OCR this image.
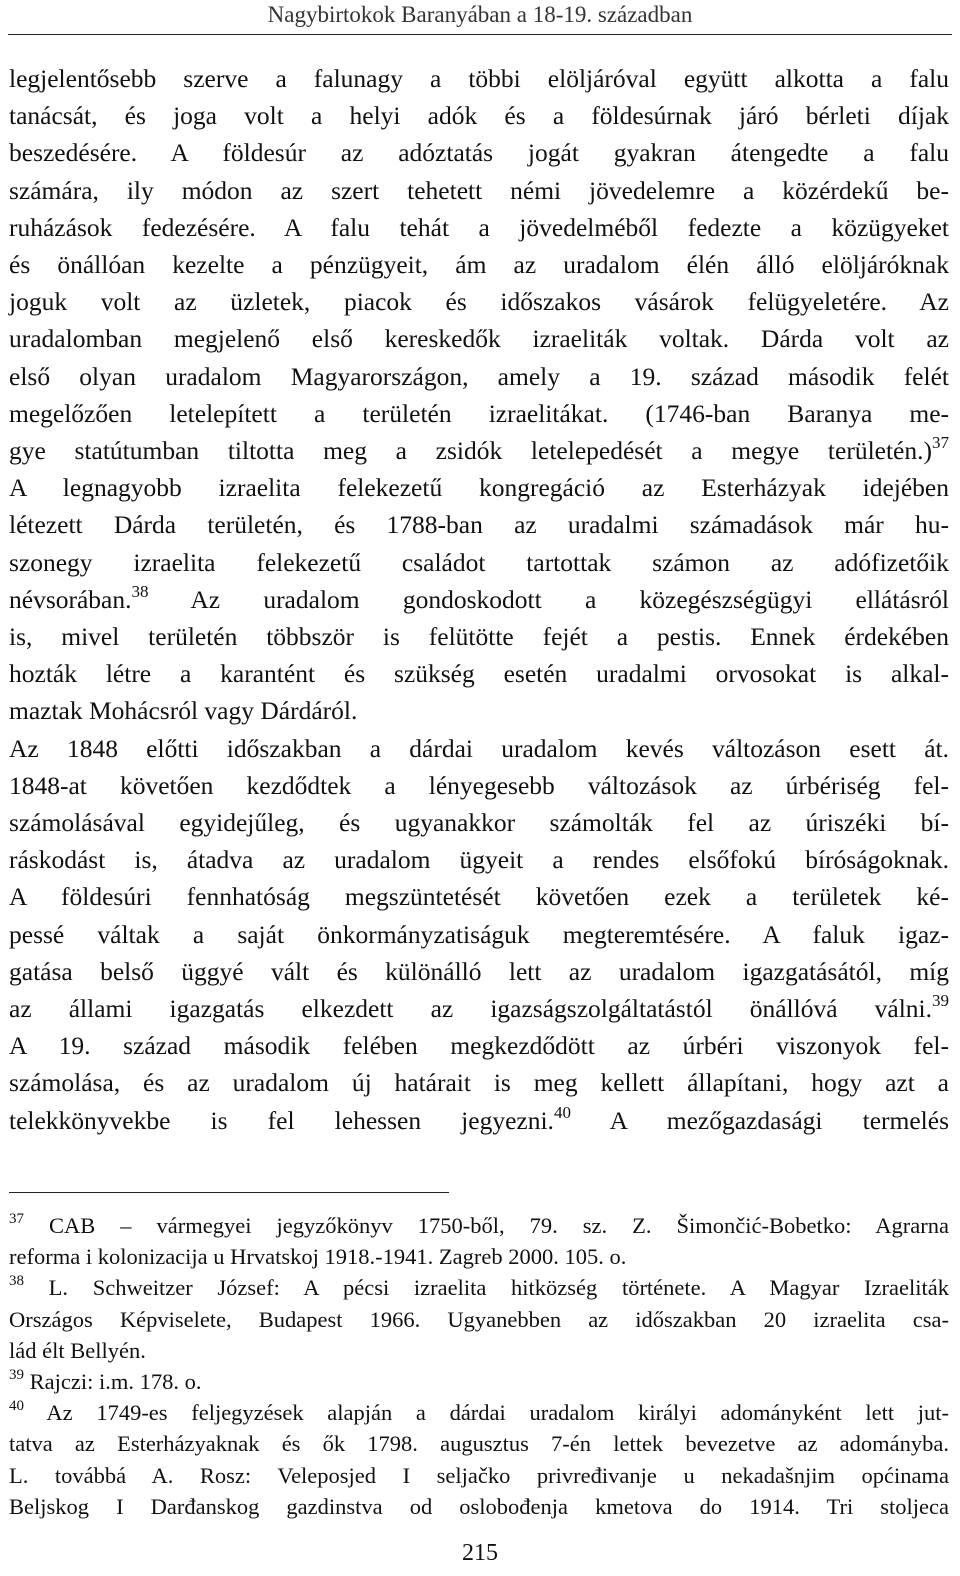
Nagybirtokok Baranyában a 18-19. században
legjelentősebb szerve a falunagy a többi elöljáróval együtt alkotta a falu
tanácsát, és joga volt a helyi adók és a földesúrnak járó bérleti díjak
beszedésére. A földesúr az adóztatás jogát gyakran átengedte a falu
számára, ily módon az szert tehetett némi jövedelemre a közérdekű be-
ruházások fedezésére. A falu tehát a jövedelméből fedezte a közügyeket
és önállóan kezelte a pénzügyeit, ám az uradalom élén álló elöljáróknak
joguk volt az üzletek, piacok és időszakos vásárok felügyeletére. Az
uradalomban megjelenő első kereskedők izraeliták voltak. Dárda volt az
első olyan uradalom Magyarországon, amely a 19. század második felét
megelőzően letelepített a területén izraelitákat. (1746-ban Baranya me-
gye statútumban tiltotta meg a zsidók letelepedését a megye területén.)$^{37}$
A legnagyobb izraelita felekezetű kongregáció az Esterházyak idejében
létezett Dárda területén, és 1788-ban az uradalmi számadások már hu-
szonegy izraelita felekezetű családot tartottak számon az adófizetőik
névsorában.$^{38}$ Az uradalom gondoskodott a közegészségügyi ellátásról
is, mivel területén többször is felütötte fejét a pestis. Ennek érdekében
hozták létre a karantént és szükség esetén uradalmi orvosokat is alkal-
maztak Mohácsról vagy Dárdáról.
Az 1848 előtti időszakban a dárdai uradalom kevés változáson esett át.
1848-at követően kezdődtek a lényegesebb változások az úrbériség fel-
számolásával egyidejűleg, és ugyanakkor számolták fel az úriszéki bí-
ráskodást is, átadva az uradalom ügyeit a rendes elsőfokú bíróságoknak.
A földesúri fennhatóság megszüntetését követően ezek a területek ké-
pessé váltak a saját önkormányzatiságuk megteremtésére. A faluk igaz-
gatása belső üggyé vált és különálló lett az uradalom igazgatásától, míg
az állami igazgatás elkezdett az igazságszolgáltatástól önállóvá válni.$^{39}$
A 19. század második felében megkezdődött az úrbéri viszonyok fel-
számolása, és az uradalom új határait is meg kellett állapítani, hogy azt a
telekkönyvekbe is fel lehessen jegyezni.$^{40}$ A mezőgazdasági termelés
$^{37}$ CAB – vármegyei jegyzőkönyv 1750-ből, 79. sz. Z. Šimončić-Bobetko: Agrarna
reforma i kolonizacija u Hrvatskoj 1918.-1941. Zagreb 2000. 105. o.
$^{38}$ L. Schweitzer József: A pécsi izraelita hitközség története. A Magyar Izraeliták
Országos Képviselete, Budapest 1966. Ugyanebben az időszakban 20 izraelita csa-
lád élt Bellyén.
$^{39}$ Rajczi: i.m. 178. o.
$^{40}$ Az 1749-es feljegyzések alapján a dárdai uradalom királyi adományként lett jut-
tatva az Esterházyaknak és ők 1798. augusztus 7-én lettek bevezetve az adományba.
L. továbbá A. Rosz: Veleposjed I seljačko privređivanje u nekadašnjim općinama
Beljskog I Darđanskog gazdinstva od oslobođenja kmetova do 1914. Tri stoljeca
215
